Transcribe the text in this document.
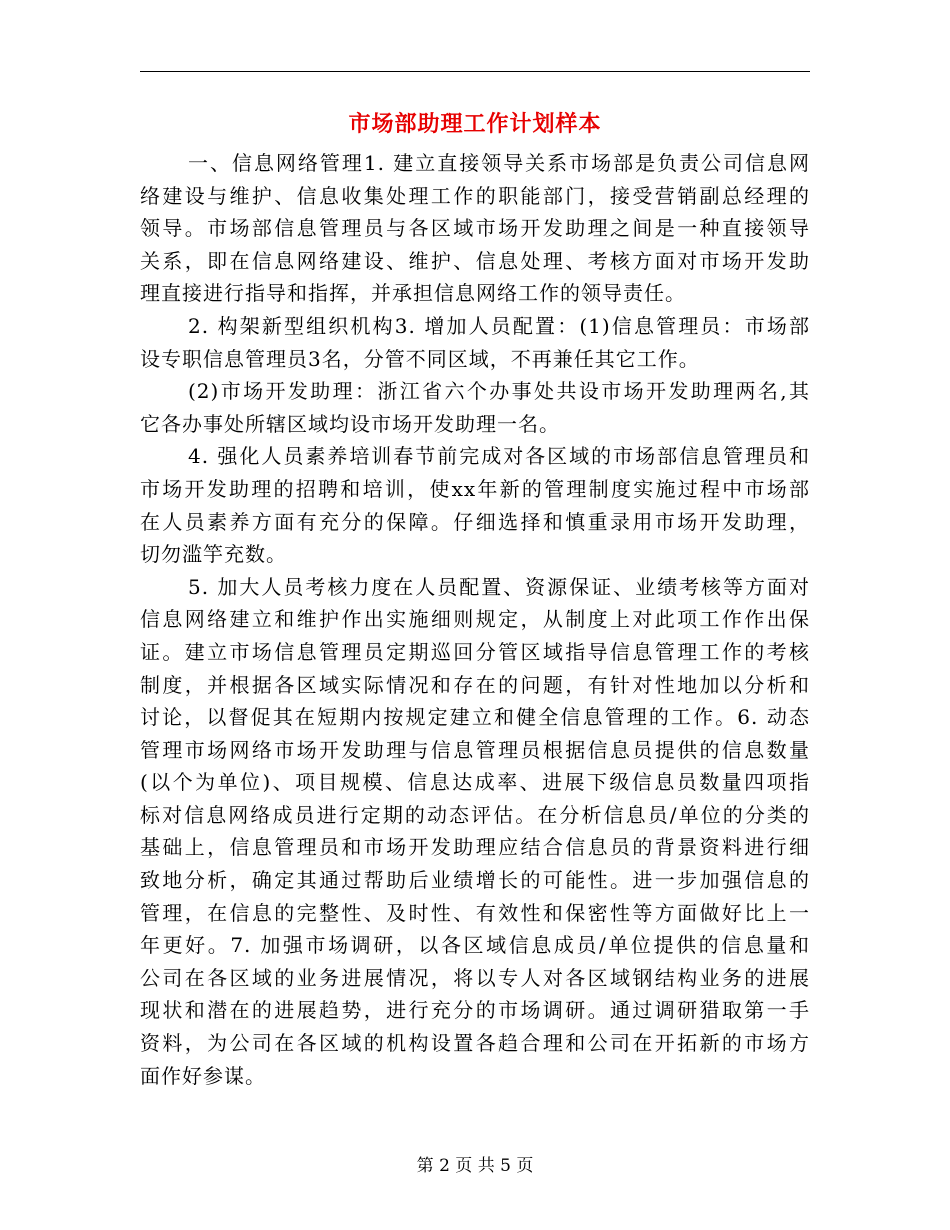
市场部助理工作计划样本
一、信息网络管理1. 建立直接领导关系市场部是负责公司信息网
络建设与维护、信息收集处理工作的职能部门，接受营销副总经理的
领导。市场部信息管理员与各区域市场开发助理之间是一种直接领导
关系，即在信息网络建设、维护、信息处理、考核方面对市场开发助
理直接进行指导和指挥，并承担信息网络工作的领导责任。
2. 构架新型组织机构3. 增加人员配置：(1)信息管理员：市场部
设专职信息管理员3名，分管不同区域，不再兼任其它工作。
(2)市场开发助理：浙江省六个办事处共设市场开发助理两名,其
它各办事处所辖区域均设市场开发助理一名。
4. 强化人员素养培训春节前完成对各区域的市场部信息管理员和
市场开发助理的招聘和培训，使xx年新的管理制度实施过程中市场部
在人员素养方面有充分的保障。仔细选择和慎重录用市场开发助理，
切勿滥竽充数。
5. 加大人员考核力度在人员配置、资源保证、业绩考核等方面对
信息网络建立和维护作出实施细则规定，从制度上对此项工作作出保
证。建立市场信息管理员定期巡回分管区域指导信息管理工作的考核
制度，并根据各区域实际情况和存在的问题，有针对性地加以分析和
讨论，以督促其在短期内按规定建立和健全信息管理的工作。6. 动态
管理市场网络市场开发助理与信息管理员根据信息员提供的信息数量
(以个为单位)、项目规模、信息达成率、进展下级信息员数量四项指
标对信息网络成员进行定期的动态评估。在分析信息员/单位的分类的
基础上，信息管理员和市场开发助理应结合信息员的背景资料进行细
致地分析，确定其通过帮助后业绩增长的可能性。进一步加强信息的
管理，在信息的完整性、及时性、有效性和保密性等方面做好比上一
年更好。7. 加强市场调研，以各区域信息成员/单位提供的信息量和
公司在各区域的业务进展情况，将以专人对各区域钢结构业务的进展
现状和潜在的进展趋势，进行充分的市场调研。通过调研猎取第一手
资料，为公司在各区域的机构设置各趋合理和公司在开拓新的市场方
面作好参谋。
第 2 页 共 5 页
